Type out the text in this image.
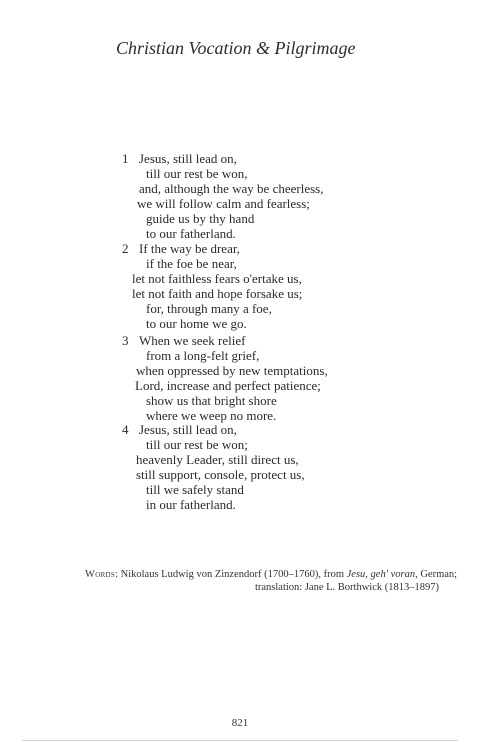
Christian Vocation & Pilgrimage
1 Jesus, still lead on,
till our rest be won,
and, although the way be cheerless,
we will follow calm and fearless;
guide us by thy hand
to our fatherland.
2 If the way be drear,
if the foe be near,
let not faithless fears o'ertake us,
let not faith and hope forsake us;
for, through many a foe,
to our home we go.
3 When we seek relief
from a long-felt grief,
when oppressed by new temptations,
Lord, increase and perfect patience;
show us that bright shore
where we weep no more.
4 Jesus, still lead on,
till our rest be won;
heavenly Leader, still direct us,
still support, console, protect us,
till we safely stand
in our fatherland.
Words: Nikolaus Ludwig von Zinzendorf (1700–1760), from Jesu, geh' voran, German;
translation: Jane L. Borthwick (1813–1897)
821
